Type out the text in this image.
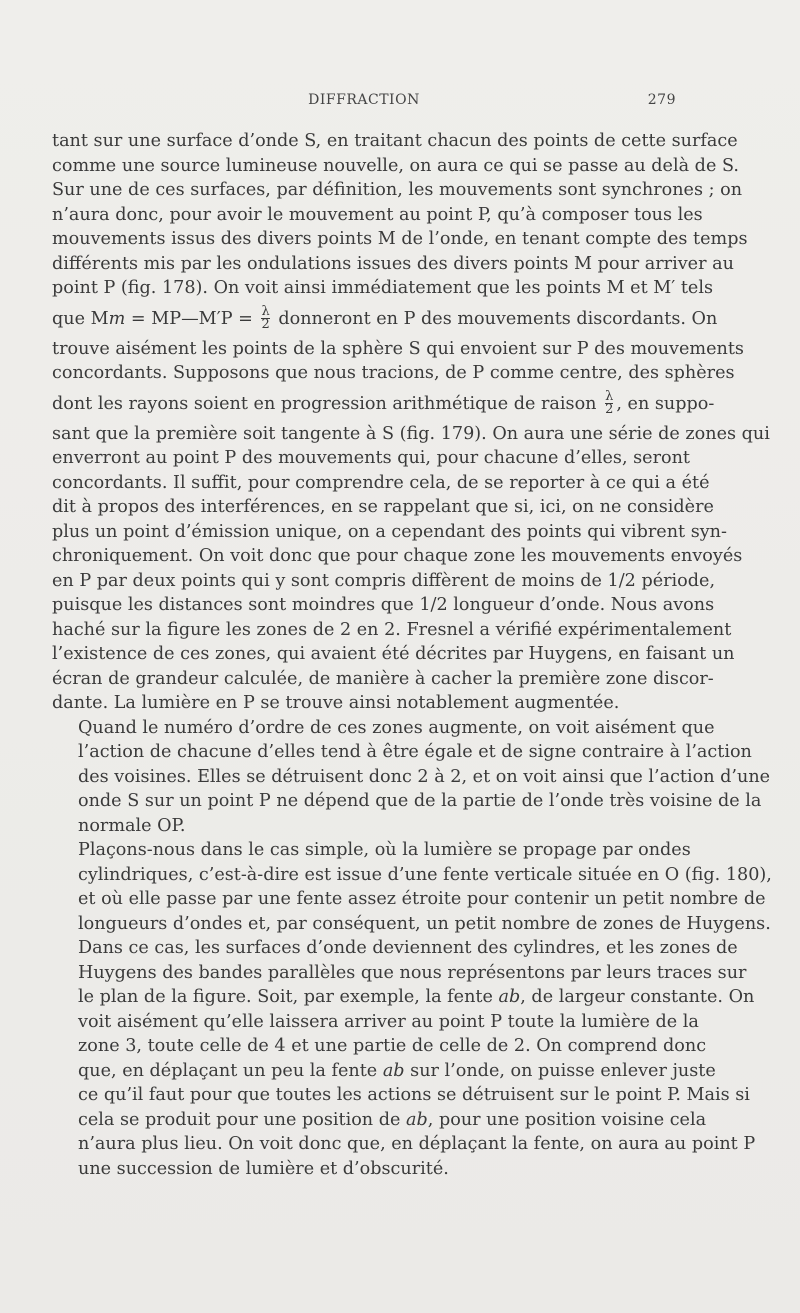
DIFFRACTION	279

tant sur une surface d’onde S, en traitant chacun des points de cette surface
comme une source lumineuse nouvelle, on aura ce qui se passe au delà de S.
Sur une de ces surfaces, par définition, les mouvements sont synchrones ; on
n’aura donc, pour avoir le mouvement au point P, qu’à composer tous les
mouvements issus des divers points M de l’onde, en tenant compte des temps
différents mis par les ondulations issues des divers points M pour arriver au
point P (fig. 178). On voit ainsi immédiatement que les points M et M′ tels
que Mm = MP—M′P = $\frac{\lambda}{2}$ donneront en P des mouvements discordants. On
trouve aisément les points de la sphère S qui envoient sur P des mouvements
concordants. Supposons que nous tracions, de P comme centre, des sphères
dont les rayons soient en progression arithmétique de raison $\frac{\lambda}{2}$ , en suppo-
sant que la première soit tangente à S (fig. 179). On aura une série de zones qui
enverront au point P des mouvements qui, pour chacune d’elles, seront
concordants. Il suffit, pour comprendre cela, de se reporter à ce qui a été
dit à propos des interférences, en se rappelant que si, ici, on ne considère
plus un point d’émission unique, on a cependant des points qui vibrent syn-
chroniquement. On voit donc que pour chaque zone les mouvements envoyés
en P par deux points qui y sont compris diffèrent de moins de 1/2 période,
puisque les distances sont moindres que 1/2 longueur d’onde. Nous avons
haché sur la figure les zones de 2 en 2. Fresnel a vérifié expérimentalement
l’existence de ces zones, qui avaient été décrites par Huygens, en faisant un
écran de grandeur calculée, de manière à cacher la première zone discor-
dante. La lumière en P se trouve ainsi notablement augmentée.

Quand le numéro d’ordre de ces zones augmente, on voit aisément que
l’action de chacune d’elles tend à être égale et de signe contraire à l’action
des voisines. Elles se détruisent donc 2 à 2, et on voit ainsi que l’action d’une
onde S sur un point P ne dépend que de la partie de l’onde très voisine de la
normale OP.

Plaçons-nous dans le cas simple, où la lumière se propage par ondes
cylindriques, c’est-à-dire est issue d’une fente verticale située en O (fig. 180),
et où elle passe par une fente assez étroite pour contenir un petit nombre de
longueurs d’ondes et, par conséquent, un petit nombre de zones de Huygens.
Dans ce cas, les surfaces d’onde deviennent des cylindres, et les zones de
Huygens des bandes parallèles que nous représentons par leurs traces sur
le plan de la figure. Soit, par exemple, la fente ab, de largeur constante. On
voit aisément qu’elle laissera arriver au point P toute la lumière de la
zone 3, toute celle de 4 et une partie de celle de 2. On comprend donc
que, en déplaçant un peu la fente ab sur l’onde, on puisse enlever juste
ce qu’il faut pour que toutes les actions se détruisent sur le point P. Mais si
cela se produit pour une position de ab, pour une position voisine cela
n’aura plus lieu. On voit donc que, en déplaçant la fente, on aura au point P
une succession de lumière et d’obscurité.
